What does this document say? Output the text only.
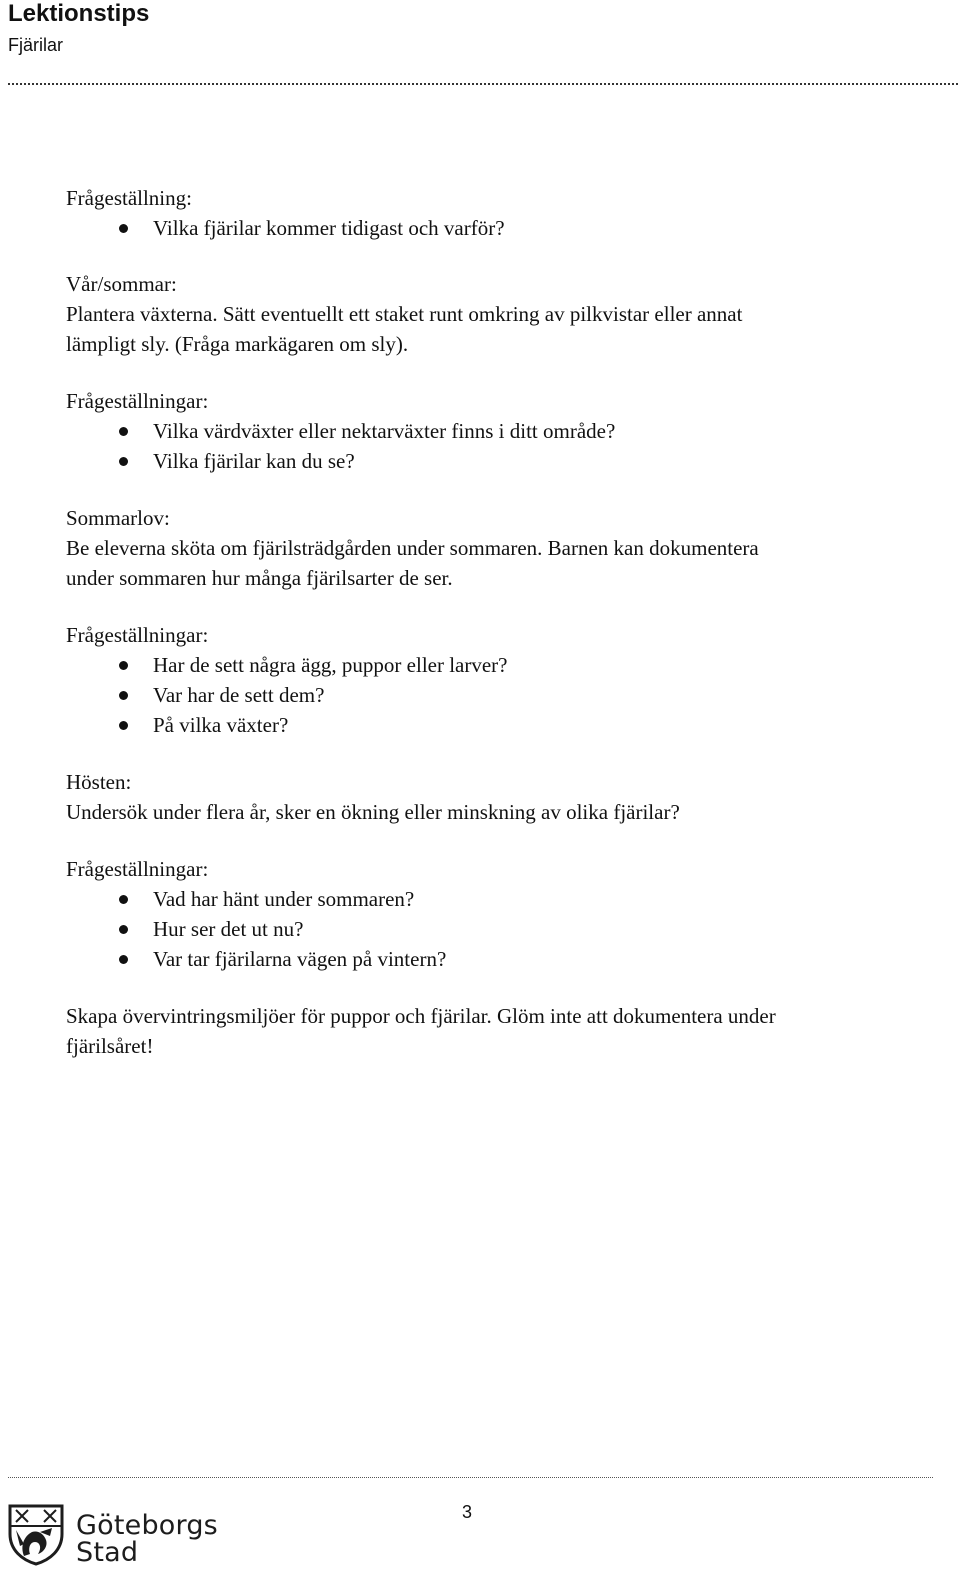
Lektionstips
Fjärilar

Frågeställning:

Vilka fjärilar kommer tidigast och varför?

Vår/sommar:

Plantera växterna. Sätt eventuellt ett staket runt omkring av pilkvistar eller annat

lämpligt sly. (Fråga markägaren om sly).

Frågeställningar:

Vilka värdväxter eller nektarväxter finns i ditt område?
Vilka fjärilar kan du se?

Sommarlov:

Be eleverna sköta om fjärilsträdgården under sommaren. Barnen kan dokumentera

under sommaren hur många fjärilsarter de ser.

Frågeställningar:

Har de sett några ägg, puppor eller larver?
Var har de sett dem?
På vilka växter?

Hösten:

Undersök under flera år, sker en ökning eller minskning av olika fjärilar?

Frågeställningar:

Vad har hänt under sommaren?
Hur ser det ut nu?
Var tar fjärilarna vägen på vintern?

Skapa övervintringsmiljöer för puppor och fjärilar. Glöm inte att dokumentera under

fjärilsåret!

Göteborgs
Stad
3
